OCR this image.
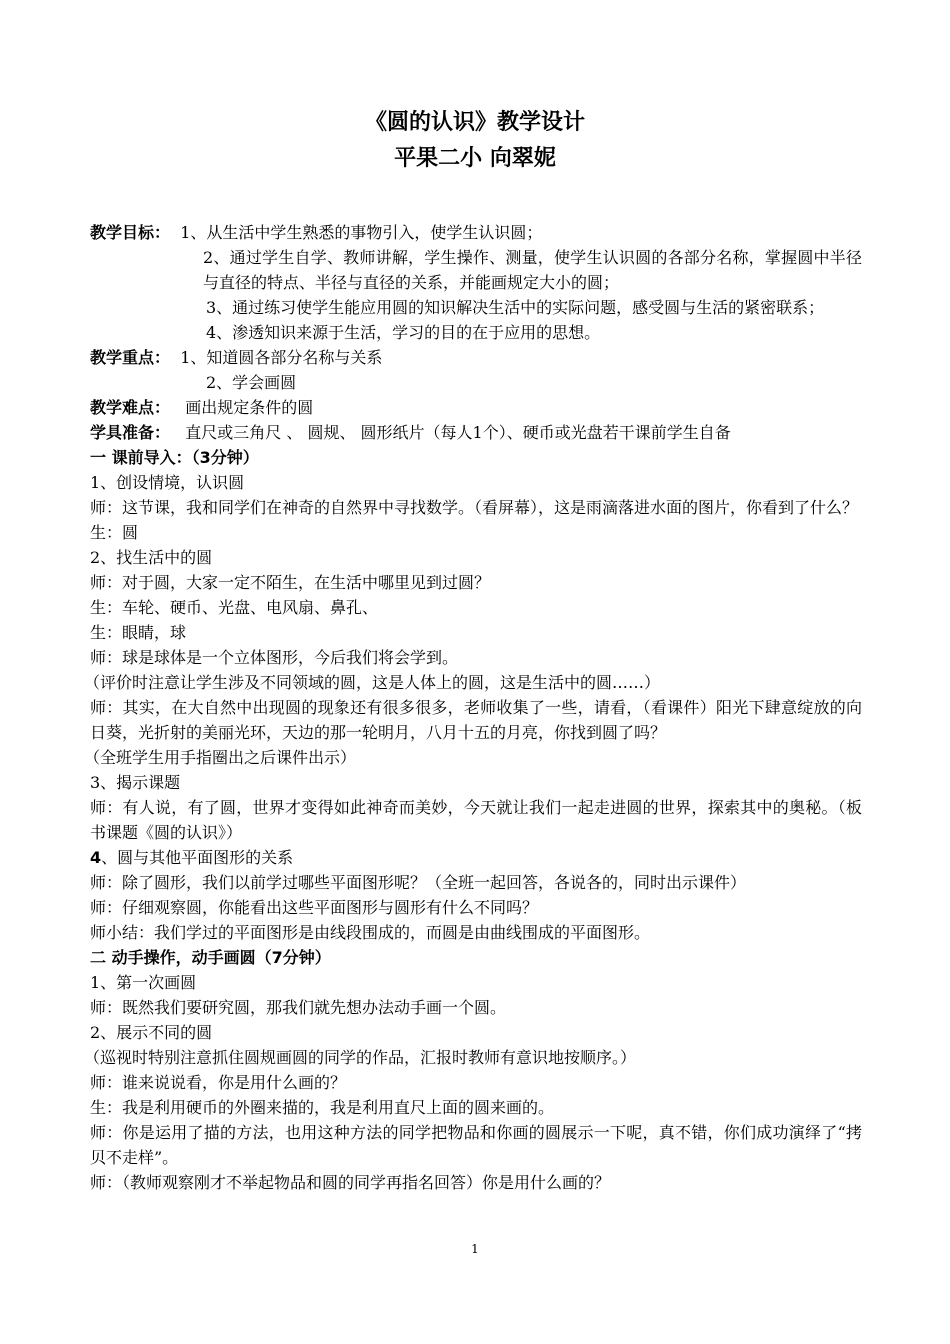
《圆的认识》教学设计
平果二小 向翠妮
教学目标： 1、从生活中学生熟悉的事物引入，使学生认识圆；
2、通过学生自学、教师讲解，学生操作、测量，使学生认识圆的各部分名称，掌握圆中半径与直径的特点、半径与直径的关系，并能画规定大小的圆；
3、通过练习使学生能应用圆的知识解决生活中的实际问题，感受圆与生活的紧密联系；
4、渗透知识来源于生活，学习的目的在于应用的思想。
教学重点： 1、知道圆各部分名称与关系
2、学会画圆
教学难点： 画出规定条件的圆
学具准备： 直尺或三角尺 、 圆规、 圆形纸片（每人1个）、硬币或光盘若干课前学生自备
一 课前导入：（3分钟）
1、创设情境，认识圆
师：这节课，我和同学们在神奇的自然界中寻找数学。（看屏幕），这是雨滴落进水面的图片，你看到了什么？
生：圆
2、找生活中的圆
师：对于圆，大家一定不陌生，在生活中哪里见到过圆？
生：车轮、硬币、光盘、电风扇、鼻孔、
生：眼睛，球
师：球是球体是一个立体图形，今后我们将会学到。
（评价时注意让学生涉及不同领域的圆，这是人体上的圆，这是生活中的圆……）
师：其实，在大自然中出现圆的现象还有很多很多，老师收集了一些，请看，（看课件）阳光下肆意绽放的向日葵，光折射的美丽光环，天边的那一轮明月，八月十五的月亮，你找到圆了吗？
（全班学生用手指圈出之后课件出示）
3、揭示课题
师：有人说，有了圆，世界才变得如此神奇而美妙，今天就让我们一起走进圆的世界，探索其中的奥秘。（板书课题《圆的认识》）
4、圆与其他平面图形的关系
师：除了圆形，我们以前学过哪些平面图形呢？（全班一起回答，各说各的，同时出示课件）
师：仔细观察圆，你能看出这些平面图形与圆形有什么不同吗？
师小结：我们学过的平面图形是由线段围成的，而圆是由曲线围成的平面图形。
二 动手操作，动手画圆（7分钟）
1、第一次画圆
师：既然我们要研究圆，那我们就先想办法动手画一个圆。
2、展示不同的圆
（巡视时特别注意抓住圆规画圆的同学的作品，汇报时教师有意识地按顺序。）
师：谁来说说看，你是用什么画的？
生：我是利用硬币的外圈来描的，我是利用直尺上面的圆来画的。
师：你是运用了描的方法，也用这种方法的同学把物品和你画的圆展示一下呢，真不错，你们成功演绎了“拷贝不走样”。
师：（教师观察刚才不举起物品和圆的同学再指名回答）你是用什么画的？
1
